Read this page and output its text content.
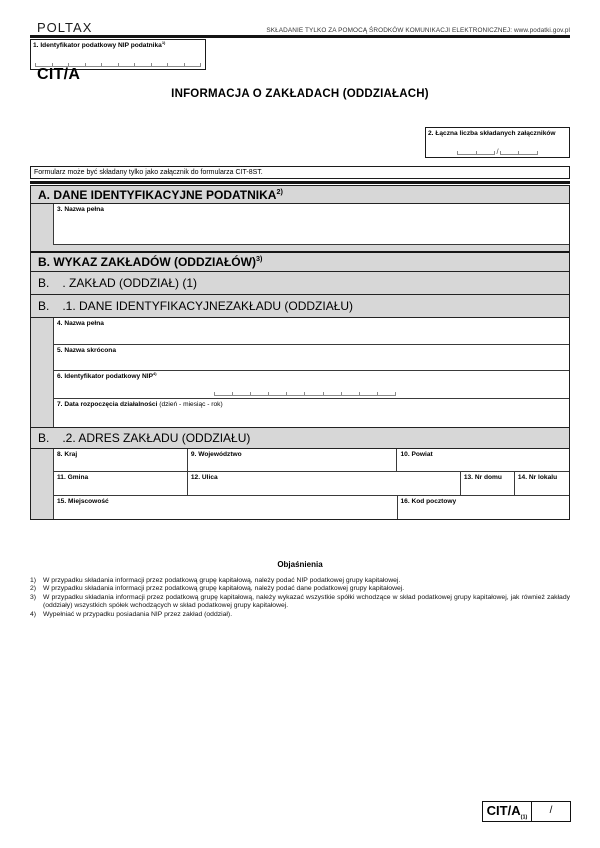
POLTAX	SKŁADANIE TYLKO ZA POMOCĄ ŚRODKÓW KOMUNIKACJI ELEKTRONICZNEJ: www.podatki.gov.pl
1. Identyfikator podatkowy NIP podatnika$^{1)}$
CIT/A
INFORMACJA O ZAKŁADACH (ODDZIAŁACH)
2. Łączna liczba składanych załączników
/
Formularz może być składany tylko jako załącznik do formularza CIT-8ST.
A. DANE IDENTYFIKACYJNE PODATNIKA$^{2)}$
3. Nazwa pełna
B. WYKAZ ZAKŁADÓW (ODDZIAŁÓW)$^{3)}$
B. . ZAKŁAD (ODDZIAŁ) (1)
B. .1. DANE IDENTYFIKACYJNEZAKŁADU (ODDZIAŁU)
4. Nazwa pełna
5. Nazwa skrócona
6. Identyfikator podatkowy NIP$^{4)}$
7. Data rozpoczęcia działalności (dzień - miesiąc - rok)
B. .2. ADRES ZAKŁADU (ODDZIAŁU)
8. Kraj	9. Województwo	10. Powiat
11. Gmina	12. Ulica	13. Nr domu	14. Nr lokalu
15. Miejscowość	16. Kod pocztowy
Objaśnienia
1) W przypadku składania informacji przez podatkową grupę kapitałową, należy podać NIP podatkowej grupy kapitałowej.
2) W przypadku składania informacji przez podatkową grupę kapitałową, należy podać dane podatkowej grupy kapitałowej.
3) W przypadku składania informacji przez podatkową grupę kapitałową, należy wykazać wszystkie spółki wchodzące w skład podatkowej grupy kapitałowej, jak również zakłady (oddziały) wszystkich spółek wchodzących w skład podatkowej grupy kapitałowej.
4) Wypełniać w przypadku posiadania NIP przez zakład (oddział).
CIT/$A_{(1)}$
/
